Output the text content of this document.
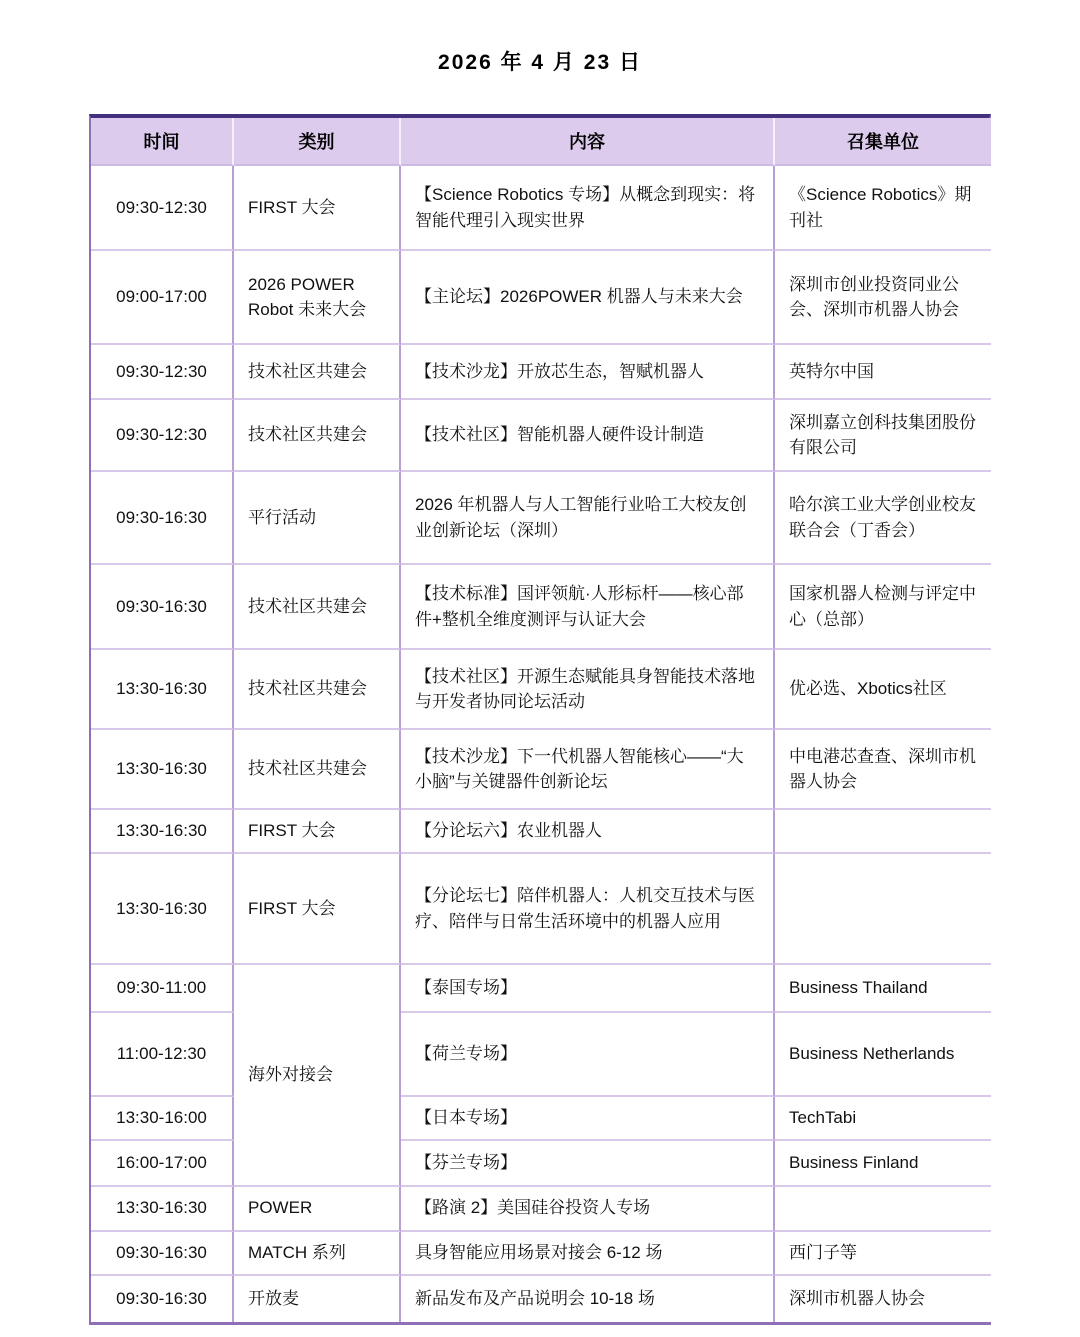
2026 年 4 月 23 日
时间	类别	内容	召集单位
09:30-12:30	FIRST 大会	【Science Robotics 专场】从概念到现实：将智能代理引入现实世界	《Science Robotics》期刊社
09:00-17:00	2026 POWER Robot 未来大会	【主论坛】2026POWER 机器人与未来大会	深圳市创业投资同业公会、深圳市机器人协会
09:30-12:30	技术社区共建会	【技术沙龙】开放芯生态，智赋机器人	英特尔中国
09:30-12:30	技术社区共建会	【技术社区】智能机器人硬件设计制造	深圳嘉立创科技集团股份有限公司
09:30-16:30	平行活动	2026 年机器人与人工智能行业哈工大校友创业创新论坛（深圳）	哈尔滨工业大学创业校友联合会（丁香会）
09:30-16:30	技术社区共建会	【技术标准】国评领航·人形标杆——核心部件+整机全维度测评与认证大会	国家机器人检测与评定中心（总部）
13:30-16:30	技术社区共建会	【技术社区】开源生态赋能具身智能技术落地与开发者协同论坛活动	优必选、Xbotics社区
13:30-16:30	技术社区共建会	【技术沙龙】下一代机器人智能核心——“大小脑”与关键器件创新论坛	中电港芯查查、深圳市机器人协会
13:30-16:30	FIRST 大会	【分论坛六】农业机器人	
13:30-16:30	FIRST 大会	【分论坛七】陪伴机器人：人机交互技术与医疗、陪伴与日常生活环境中的机器人应用	
09:30-11:00	海外对接会	【泰国专场】	Business Thailand
11:00-12:30		【荷兰专场】	Business Netherlands
13:30-16:00		【日本专场】	TechTabi
16:00-17:00		【芬兰专场】	Business Finland
13:30-16:30	POWER	【路演 2】美国硅谷投资人专场	
09:30-16:30	MATCH 系列	具身智能应用场景对接会 6-12 场	西门子等
09:30-16:30	开放麦	新品发布及产品说明会 10-18 场	深圳市机器人协会
